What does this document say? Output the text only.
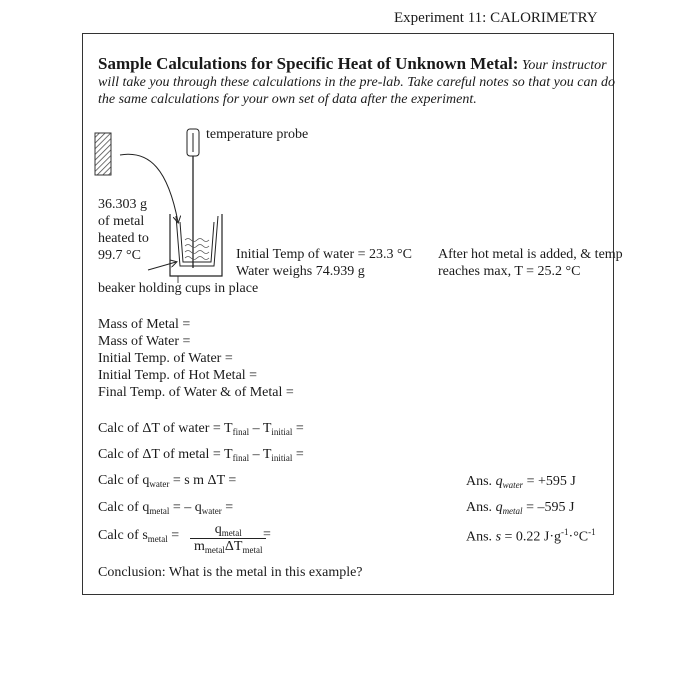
Experiment 11: CALORIMETRY
Sample Calculations for Specific Heat of Unknown Metal: Your instructor will take you through these calculations in the pre-lab. Take careful notes so that you can do the same calculations for your own set of data after the experiment.
temperature probe
36.303 g
of metal
heated to
99.7 °C	Initial Temp of water = 23.3 °C
Water weighs 74.939 g
After hot metal is added, & temp
reaches max, T = 25.2 °C
beaker holding cups in place
Mass of Metal =
Mass of Water =
Initial Temp. of Water =
Initial Temp. of Hot Metal =
Final Temp. of Water & of Metal =
Calc of ΔT of water = $T_{final} - T_{initial}$ =
Calc of ΔT of metal = $T_{final} - T_{initial}$ =
Calc of $q_{water} = s$ m ΔT =
Calc of $q_{metal}$ = – $q_{water}$ =
Calc of $s_{metal}$ =	$q_{metal}$
$m_{metal}\Delta T_{metal}$
=
Ans. $q_{water} = +595$ J
Ans. $q_{metal} = -595$ J
Ans. s = 0.22 $J\cdot g^{-1}\cdot^\circ C^{-1}$
Conclusion: What is the metal in this example?
